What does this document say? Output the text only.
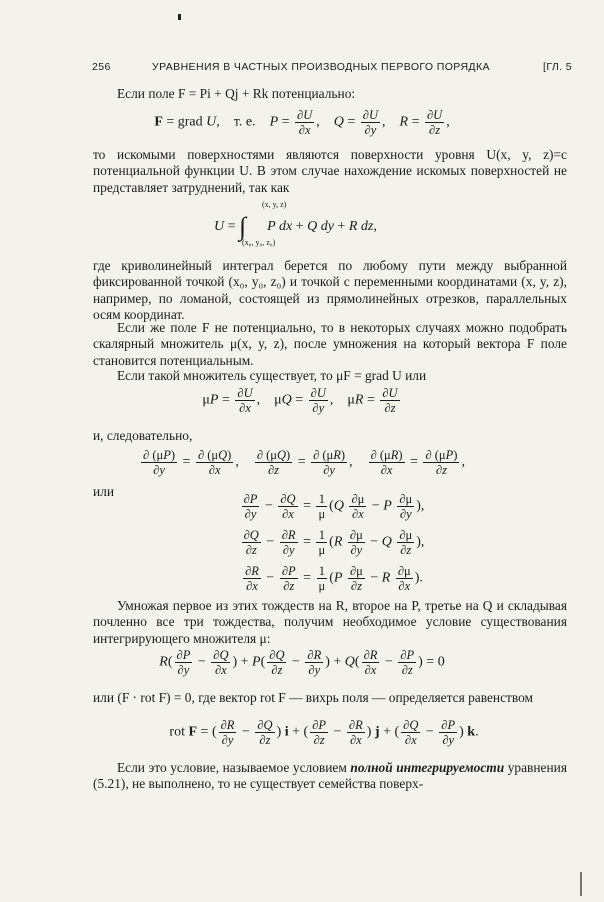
256	УРАВНЕНИЯ В ЧАСТНЫХ ПРОИЗВОДНЫХ ПЕРВОГО ПОРЯДКА	[ГЛ. 5
Если поле F = Pi + Qj + Rk потенциально:
F = grad U,    т. е.    $P = \frac{\partial U}{\partial x}$ ,    $Q = \frac{\partial U}{\partial y}$ ,    $R = \frac{\partial U}{\partial z}$ ,
то искомыми поверхностями являются поверхности уровня U(x, y, z)=c потенциальной функции U. В этом случае нахождение искомых поверхностей не представляет затруднений, так как
(x, y, z)
(x₀, y₀, z₀)
U = ∫ P dx + Q dy + R dz,
где криволинейный интеграл берется по любому пути между выбранной фиксированной точкой (x₀, y₀, z₀) и точкой с переменными координатами (x, y, z), например, по ломаной, состоящей из прямолинейных отрезков, параллельных осям координат.
Если же поле F не потенциально, то в некоторых случаях можно подобрать скалярный множитель μ(x, y, z), после умножения на который вектора F поле становится потенциальным.
Если такой множитель существует, то μF = grad U или
$\mu P = \frac{\partial U}{\partial x}$ ,    $\mu Q = \frac{\partial U}{\partial y}$ ,    $\mu R = \frac{\partial U}{\partial z}$
и, следовательно,
$\frac{\partial (\mu P)}{\partial y} = \frac{\partial (\mu Q)}{\partial x}$ , $\frac{\partial (\mu Q)}{\partial z} = \frac{\partial (\mu R)}{\partial y}$ , $\frac{\partial (\mu R)}{\partial x} = \frac{\partial (\mu P)}{\partial z}$ ,
или
$\frac{\partial P}{\partial y} - \frac{\partial Q}{\partial x} = \frac{1}{\mu} (Q \frac{\partial\mu}{\partial x} - P \frac{\partial\mu}{\partial y}$ ),
$\frac{\partial Q}{\partial z} - \frac{\partial R}{\partial y} = \frac{1}{\mu} (R \frac{\partial\mu}{\partial y} - Q \frac{\partial\mu}{\partial z}$ ),
$\frac{\partial R}{\partial x} - \frac{\partial P}{\partial z} = \frac{1}{\mu} (P \frac{\partial\mu}{\partial z} - R \frac{\partial\mu}{\partial x}$ ).
Умножая первое из этих тождеств на R, второе на P, третье на Q и складывая почленно все три тождества, получим необходимое условие существования интегрирующего множителя μ:
$R( \frac{\partial P}{\partial y} - \frac{\partial Q}{\partial x}$ ) + $P( \frac{\partial Q}{\partial z} - \frac{\partial R}{\partial y}$ ) + $Q( \frac{\partial R}{\partial x} - \frac{\partial P}{\partial z}$ ) = 0
или (F · rot F) = 0, где вектор rot F — вихрь поля — определяется равенством
rot F = ( $\frac{\partial R}{\partial y} - \frac{\partial Q}{\partial z}$ ) i + ( $\frac{\partial P}{\partial z} - \frac{\partial R}{\partial x}$ ) j + ( $\frac{\partial Q}{\partial x} - \frac{\partial P}{\partial y}$ ) k.
Если это условие, называемое условием полной интегрируемости уравнения (5.21), не выполнено, то не существует семейства поверх-
